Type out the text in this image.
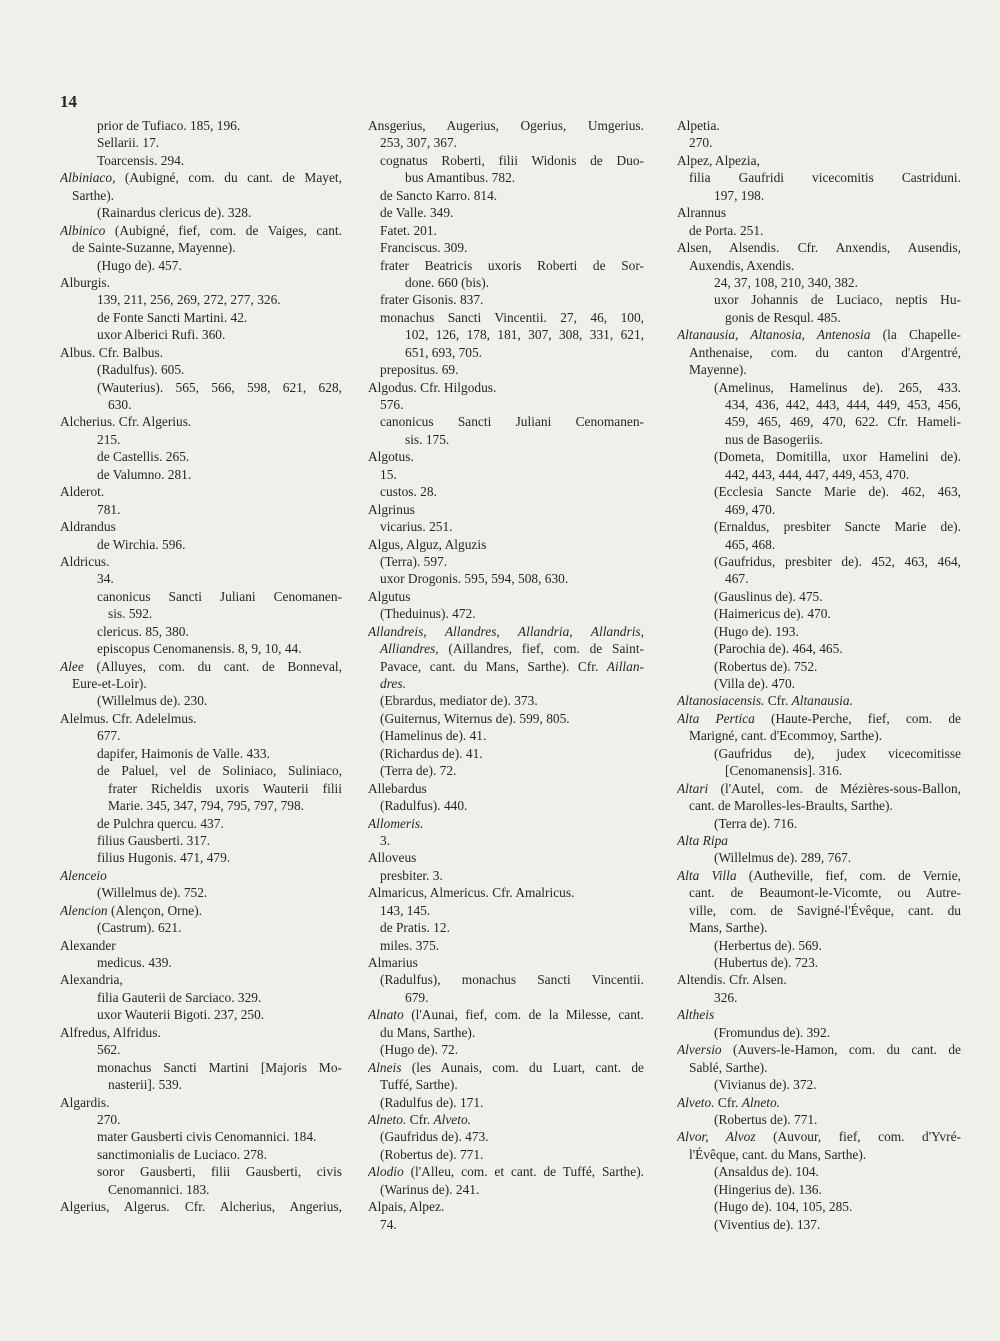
14
prior de Tufiaco. 185, 196.
Sellarii. 17.
Toarcensis. 294.
Albiniaco, (Aubigné, com. du cant. de Mayet,
Sarthe).
(Rainardus clericus de). 328.
Albinico (Aubigné, fief, com. de Vaiges, cant.
de Sainte-Suzanne, Mayenne).
(Hugo de). 457.
Alburgis.
139, 211, 256, 269, 272, 277, 326.
de Fonte Sancti Martini. 42.
uxor Alberici Rufi. 360.
Albus. Cfr. Balbus.
(Radulfus). 605.
(Wauterius). 565, 566, 598, 621, 628,
630.
Alcherius. Cfr. Algerius.
215.
de Castellis. 265.
de Valumno. 281.
Alderot.
781.
Aldrandus
de Wirchia. 596.
Aldricus.
34.
canonicus Sancti Juliani Cenomanen-
sis. 592.
clericus. 85, 380.
episcopus Cenomanensis. 8, 9, 10, 44.
Alee (Alluyes, com. du cant. de Bonneval,
Eure-et-Loir).
(Willelmus de). 230.
Alelmus. Cfr. Adelelmus.
677.
dapifer, Haimonis de Valle. 433.
de Paluel, vel de Soliniaco, Suliniaco,
frater Richeldis uxoris Wauterii filii
Marie. 345, 347, 794, 795, 797, 798.
de Pulchra quercu. 437.
filius Gausberti. 317.
filius Hugonis. 471, 479.
Alenceio
(Willelmus de). 752.
Alencion (Alençon, Orne).
(Castrum). 621.
Alexander
medicus. 439.
Alexandria,
filia Gauterii de Sarciaco. 329.
uxor Wauterii Bigoti. 237, 250.
Alfredus, Alfridus.
562.
monachus Sancti Martini [Majoris Mo-
nasterii]. 539.
Algardis.
270.
mater Gausberti civis Cenomannici. 184.
sanctimonialis de Luciaco. 278.
soror Gausberti, filii Gausberti, civis
Cenomannici. 183.
Algerius, Algerus. Cfr. Alcherius, Angerius,
Ansgerius, Augerius, Ogerius, Umgerius.
253, 307, 367.
cognatus Roberti, filii Widonis de Duo-
bus Amantibus. 782.
de Sancto Karro. 814.
de Valle. 349.
Fatet. 201.
Franciscus. 309.
frater Beatricis uxoris Roberti de Sor-
done. 660 (bis).
frater Gisonis. 837.
monachus Sancti Vincentii. 27, 46, 100,
102, 126, 178, 181, 307, 308, 331, 621,
651, 693, 705.
prepositus. 69.
Algodus. Cfr. Hilgodus.
576.
canonicus Sancti Juliani Cenomanen-
sis. 175.
Algotus.
15.
custos. 28.
Algrinus
vicarius. 251.
Algus, Alguz, Alguzis
(Terra). 597.
uxor Drogonis. 595, 594, 508, 630.
Algutus
(Theduinus). 472.
Allandreis, Allandres, Allandria, Allandris,
Alliandres, (Aillandres, fief, com. de Saint-
Pavace, cant. du Mans, Sarthe). Cfr. Aillan-
dres.
(Ebrardus, mediator de). 373.
(Guiternus, Witernus de). 599, 805.
(Hamelinus de). 41.
(Richardus de). 41.
(Terra de). 72.
Allebardus
(Radulfus). 440.
Allomeris.
3.
Alloveus
presbiter. 3.
Almaricus, Almericus. Cfr. Amalricus.
143, 145.
de Pratis. 12.
miles. 375.
Almarius
(Radulfus), monachus Sancti Vincentii.
679.
Alnato (l'Aunai, fief, com. de la Milesse, cant.
du Mans, Sarthe).
(Hugo de). 72.
Alneis (les Aunais, com. du Luart, cant. de
Tuffé, Sarthe).
(Radulfus de). 171.
Alneto. Cfr. Alveto.
(Gaufridus de). 473.
(Robertus de). 771.
Alodio (l'Alleu, com. et cant. de Tuffé, Sarthe).
(Warinus de). 241.
Alpais, Alpez.
74.
Alpetia.
270.
Alpez, Alpezia,
filia Gaufridi vicecomitis Castriduni.
197, 198.
Alrannus
de Porta. 251.
Alsen, Alsendis. Cfr. Anxendis, Ausendis,
Auxendis, Axendis.
24, 37, 108, 210, 340, 382.
uxor Johannis de Luciaco, neptis Hu-
gonis de Resqul. 485.
Altanausia, Altanosia, Antenosia (la Chapelle-
Anthenaise, com. du canton d'Argentré,
Mayenne).
(Amelinus, Hamelinus de). 265, 433.
434, 436, 442, 443, 444, 449, 453, 456,
459, 465, 469, 470, 622. Cfr. Hameli-
nus de Basogeriis.
(Dometa, Domitilla, uxor Hamelini de).
442, 443, 444, 447, 449, 453, 470.
(Ecclesia Sancte Marie de). 462, 463,
469, 470.
(Ernaldus, presbiter Sancte Marie de).
465, 468.
(Gaufridus, presbiter de). 452, 463, 464,
467.
(Gauslinus de). 475.
(Haimericus de). 470.
(Hugo de). 193.
(Parochia de). 464, 465.
(Robertus de). 752.
(Villa de). 470.
Altanosiacensis. Cfr. Altanausia.
Alta Pertica (Haute-Perche, fief, com. de
Marigné, cant. d'Ecommoy, Sarthe).
(Gaufridus de), judex vicecomitisse
[Cenomanensis]. 316.
Altari (l'Autel, com. de Mézières-sous-Ballon,
cant. de Marolles-les-Braults, Sarthe).
(Terra de). 716.
Alta Ripa
(Willelmus de). 289, 767.
Alta Villa (Autheville, fief, com. de Vernie,
cant. de Beaumont-le-Vicomte, ou Autre-
ville, com. de Savigné-l'Évêque, cant. du
Mans, Sarthe).
(Herbertus de). 569.
(Hubertus de). 723.
Altendis. Cfr. Alsen.
326.
Altheis
(Fromundus de). 392.
Alversio (Auvers-le-Hamon, com. du cant. de
Sablé, Sarthe).
(Vivianus de). 372.
Alveto. Cfr. Alneto.
(Robertus de). 771.
Alvor, Alvoz (Auvour, fief, com. d'Yvré-
l'Évêque, cant. du Mans, Sarthe).
(Ansaldus de). 104.
(Hingerius de). 136.
(Hugo de). 104, 105, 285.
(Viventius de). 137.
